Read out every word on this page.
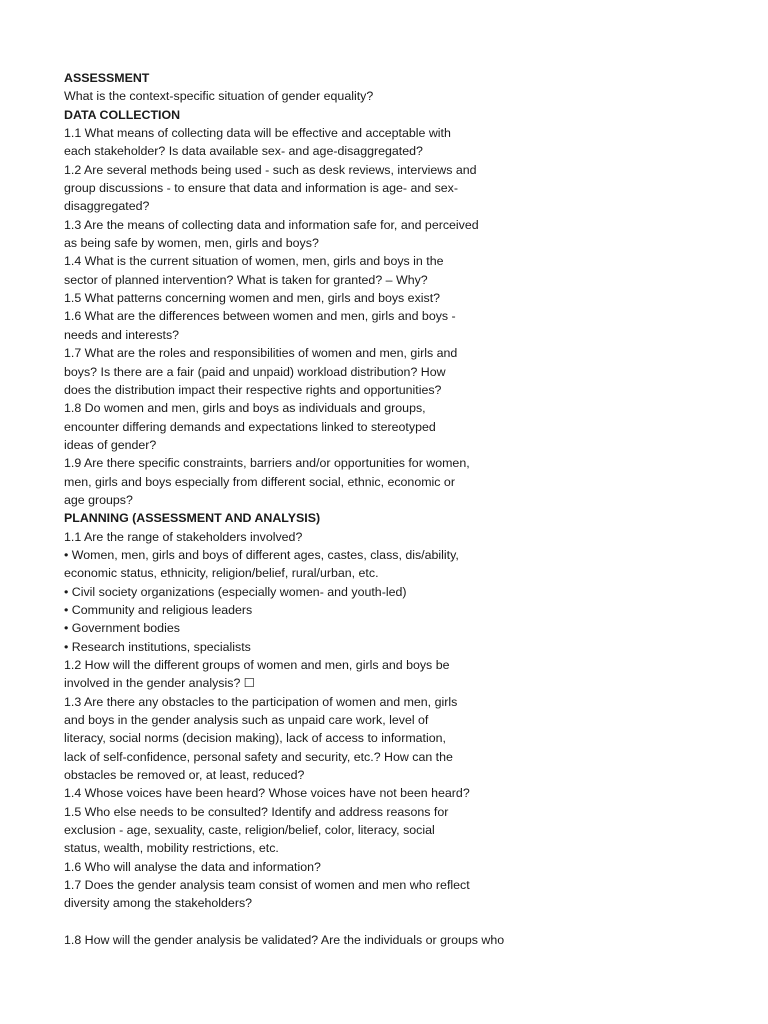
ASSESSMENT
What is the context-specific situation of gender equality?
DATA COLLECTION
1.1 What means of collecting data will be effective and acceptable with
each stakeholder? Is data available sex- and age-disaggregated?
1.2 Are several methods being used - such as desk reviews, interviews and
group discussions - to ensure that data and information is age- and sex-
disaggregated?
1.3 Are the means of collecting data and information safe for, and perceived
as being safe by women, men, girls and boys?
1.4 What is the current situation of women, men, girls and boys in the
sector of planned intervention? What is taken for granted? – Why?
1.5 What patterns concerning women and men, girls and boys exist?
1.6 What are the differences between women and men, girls and boys -
needs and interests?
1.7 What are the roles and responsibilities of women and men, girls and
boys? Is there are a fair (paid and unpaid) workload distribution? How
does the distribution impact their respective rights and opportunities?
1.8 Do women and men, girls and boys as individuals and groups,
encounter differing demands and expectations linked to stereotyped
ideas of gender?
1.9 Are there specific constraints, barriers and/or opportunities for women,
men, girls and boys especially from different social, ethnic, economic or
age groups?
PLANNING (ASSESSMENT AND ANALYSIS)
1.1 Are the range of stakeholders involved?
• Women, men, girls and boys of different ages, castes, class, dis/ability,
economic status, ethnicity, religion/belief, rural/urban, etc.
• Civil society organizations (especially women- and youth-led)
• Community and religious leaders
• Government bodies
• Research institutions, specialists
1.2 How will the different groups of women and men, girls and boys be
involved in the gender analysis? ☐
1.3 Are there any obstacles to the participation of women and men, girls
and boys in the gender analysis such as unpaid care work, level of
literacy, social norms (decision making), lack of access to information,
lack of self-confidence, personal safety and security, etc.? How can the
obstacles be removed or, at least, reduced?
1.4 Whose voices have been heard? Whose voices have not been heard?
1.5 Who else needs to be consulted? Identify and address reasons for
exclusion - age, sexuality, caste, religion/belief, color, literacy, social
status, wealth, mobility restrictions, etc.
1.6 Who will analyse the data and information?
1.7 Does the gender analysis team consist of women and men who reflect
diversity among the stakeholders?
1.8 How will the gender analysis be validated? Are the individuals or groups who
